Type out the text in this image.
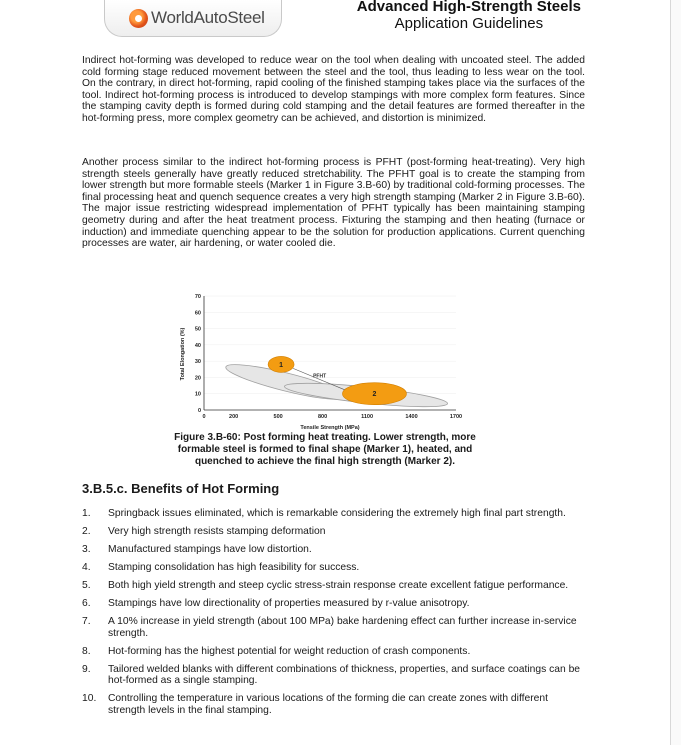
WorldAutoSteel
Advanced High-Strength Steels
Application Guidelines

Indirect hot-forming was developed to reduce wear on the tool when dealing with uncoated steel. The added cold forming stage reduced movement between the steel and the tool, thus leading to less wear on the tool. On the contrary, in direct hot-forming, rapid cooling of the finished stamping takes place via the surfaces of the tool. Indirect hot-forming process is introduced to develop stampings with more complex form features. Since the stamping cavity depth is formed during cold stamping and the detail features are formed thereafter in the hot-forming press, more complex geometry can be achieved, and distortion is minimized.

Another process similar to the indirect hot-forming process is PFHT (post-forming heat-treating). Very high strength steels generally have greatly reduced stretchability. The PFHT goal is to create the stamping from lower strength but more formable steels (Marker 1 in Figure 3.B-60) by traditional cold-forming processes. The final processing heat and quench sequence creates a very high strength stamping (Marker 2 in Figure 3.B-60). The major issue restricting widespread implementation of PFHT typically has been maintaining stamping geometry during and after the heat treatment process. Fixturing the stamping and then heating (furnace or induction) and immediate quenching appear to be the solution for production applications. Current quenching processes are water, air hardening, or water cooled die.

0	200	500	800	1100	1400	1700
0
10
20
30
40
50
60
70
1
2
PFHT
Tensile Strength (MPa)
Total Elongation (%)
Figure 3.B-60: Post forming heat treating. Lower strength, more formable steel is formed to final shape (Marker 1), heated, and quenched to achieve the final high strength (Marker 2).
3.B.5.c. Benefits of Hot Forming
1. Springback issues eliminated, which is remarkable considering the extremely high final part strength.
2. Very high strength resists stamping deformation
3. Manufactured stampings have low distortion.
4. Stamping consolidation has high feasibility for success.
5. Both high yield strength and steep cyclic stress-strain response create excellent fatigue performance.
6. Stampings have low directionality of properties measured by r-value anisotropy.
7. A 10% increase in yield strength (about 100 MPa) bake hardening effect can further increase in-service strength.
8. Hot-forming has the highest potential for weight reduction of crash components.
9. Tailored welded blanks with different combinations of thickness, properties, and surface coatings can be hot-formed as a single stamping.
10. Controlling the temperature in various locations of the forming die can create zones with different strength levels in the final stamping.
